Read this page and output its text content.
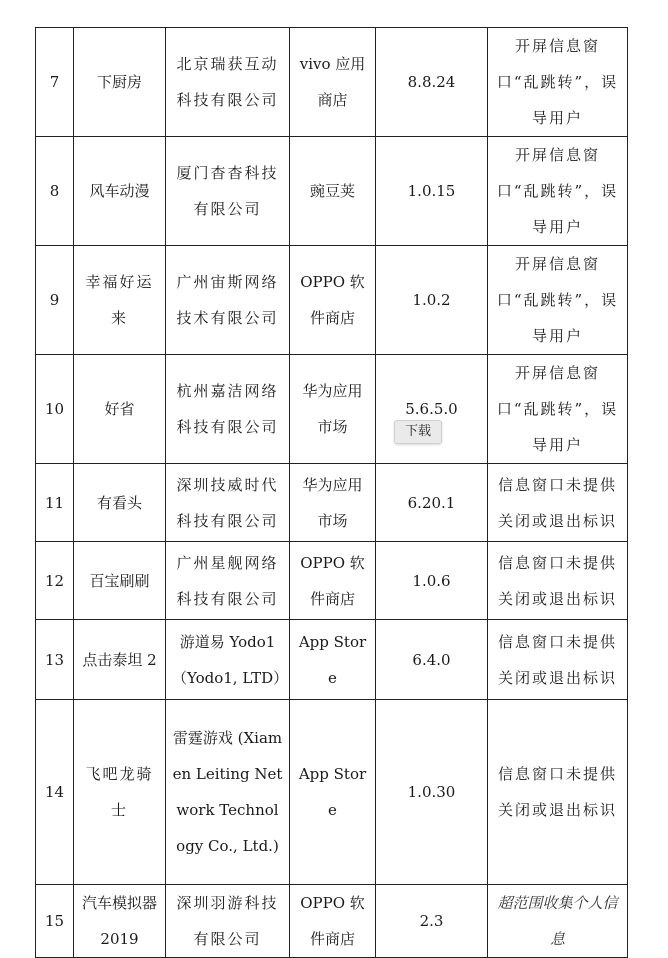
7	下厨房	北京瑞获互动科技有限公司	vivo 应用商店	8.8.24	开屏信息窗口“乱跳转”，误导用户
8	风车动漫	厦门杳杳科技有限公司	豌豆荚	1.0.15	开屏信息窗口“乱跳转”，误导用户
9	幸福好运来	广州宙斯网络技术有限公司	OPPO 软件商店	1.0.2	开屏信息窗口“乱跳转”，误导用户
10	好省	杭州嘉洁网络科技有限公司	华为应用市场	5.6.5.0	开屏信息窗口“乱跳转”，误导用户
11	有看头	深圳技威时代科技有限公司	华为应用市场	6.20.1	信息窗口未提供关闭或退出标识
12	百宝刷刷	广州星舰网络科技有限公司	OPPO 软件商店	1.0.6	信息窗口未提供关闭或退出标识
13	点击泰坦 2	游道易 Yodo1（Yodo1, LTD）	App Store	6.4.0	信息窗口未提供关闭或退出标识
14	飞吧龙骑士	雷霆游戏 (Xiamen Leiting Network Technology Co., Ltd.)	App Store	1.0.30	信息窗口未提供关闭或退出标识
15	汽车模拟器 2019	深圳羽游科技有限公司	OPPO 软件商店	2.3	超范围收集个人信息
下载
